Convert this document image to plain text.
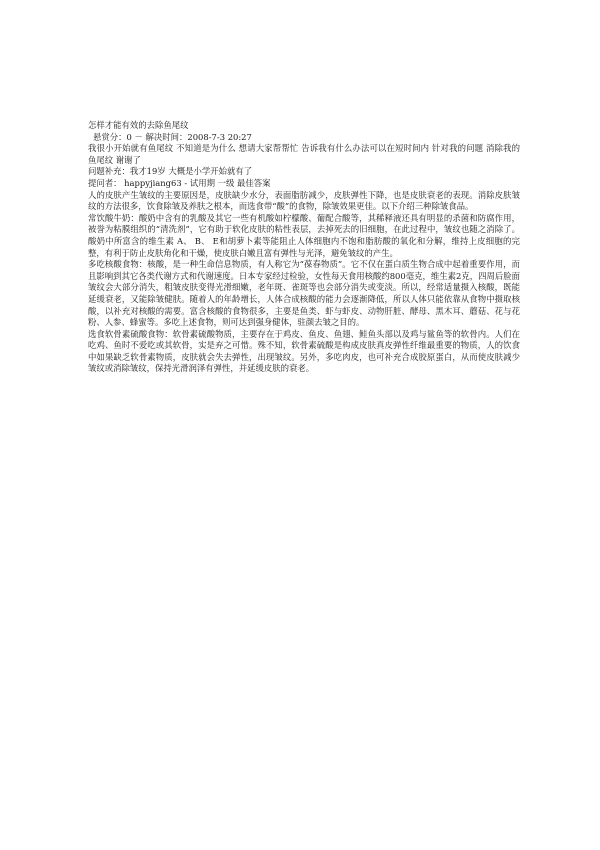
怎样才能有效的去除鱼尾纹
悬赏分：0 － 解决时间：2008-7-3 20:27
我很小开始就有鱼尾纹 不知道是为什么 想请大家帮帮忙 告诉我有什么办法可以在短时间内 针对我的问题 消除我的鱼尾纹 谢谢了
问题补充：我才19岁 大概是小学开始就有了
提问者： happyjiang63 - 试用期 一级 最佳答案
人的皮肤产生皱纹的主要原因是，皮肤缺少水分，表面脂肪减少，皮肤弹性下降，也是皮肤衰老的表现。消除皮肤皱纹的方法很多，饮食除皱及养肤之根本，而选食带“酸”的食物，除皱效果更佳。以下介绍三种除皱食品。
常饮酸牛奶：酸奶中含有的乳酸及其它一些有机酸如柠檬酸、葡配合酸等，其稀释液还具有明显的杀菌和防腐作用，被誉为粘膜组织的“清洗剂”，它有助于软化皮肤的粘性表层，去掉死去的旧细胞，在此过程中，皱纹也随之消除了。酸奶中所富含的维生素 A、 B、 E和胡萝卜素等能阻止人体细胞内不饱和脂肪酸的氧化和分解，维持上皮细胞的完整，有利于防止皮肤角化和干燥，使皮肤白嫩且富有弹性与光泽，避免皱纹的产生。
多吃核酸食物：核酸，是一种生命信息物质，有人称它为“葆春物质”。它不仅在蛋白质生物合成中起着重要作用，而且影响到其它各类代谢方式和代谢速度。日本专家经过检验，女性每天食用核酸约800毫克，维生素2克，四周后脸面皱纹会大部分消失，粗皱皮肤变得光滑细嫩，老年斑、雀斑等也会部分消失或变淡。所以，经常适量摄入核酸，既能延缓衰老，又能除皱健肤。随着人的年龄增长，人体合成核酸的能力会逐渐降低，所以人体只能依靠从食物中摄取核酸，以补充对核酸的需要。富含核酸的食物很多，主要是鱼类、虾与虾皮、动物肝脏、酵母、黑木耳、蘑菇、花与花粉、人参、蜂蜜等。多吃上述食物，则可达到强身健体，驻颜去皱之目的。
选食软骨素硫酸食物：软骨素硫酸物质，主要存在于鸡皮、鱼皮、鱼翅、鲑鱼头部以及鸡与鲨鱼等的软骨内。人们在吃鸡、鱼时不爱吃或其软骨，实是弃之可惜。殊不知，软骨素硫酸是构成皮肤真皮弹性纤维最重要的物质，人的饮食中如果缺乏软骨素物质，皮肤就会失去弹性，出现皱纹。另外，多吃肉皮，也可补充合成胶原蛋白，从而使皮肤减少皱纹或消除皱纹，保持光滑润泽有弹性，并延缓皮肤的衰老。
